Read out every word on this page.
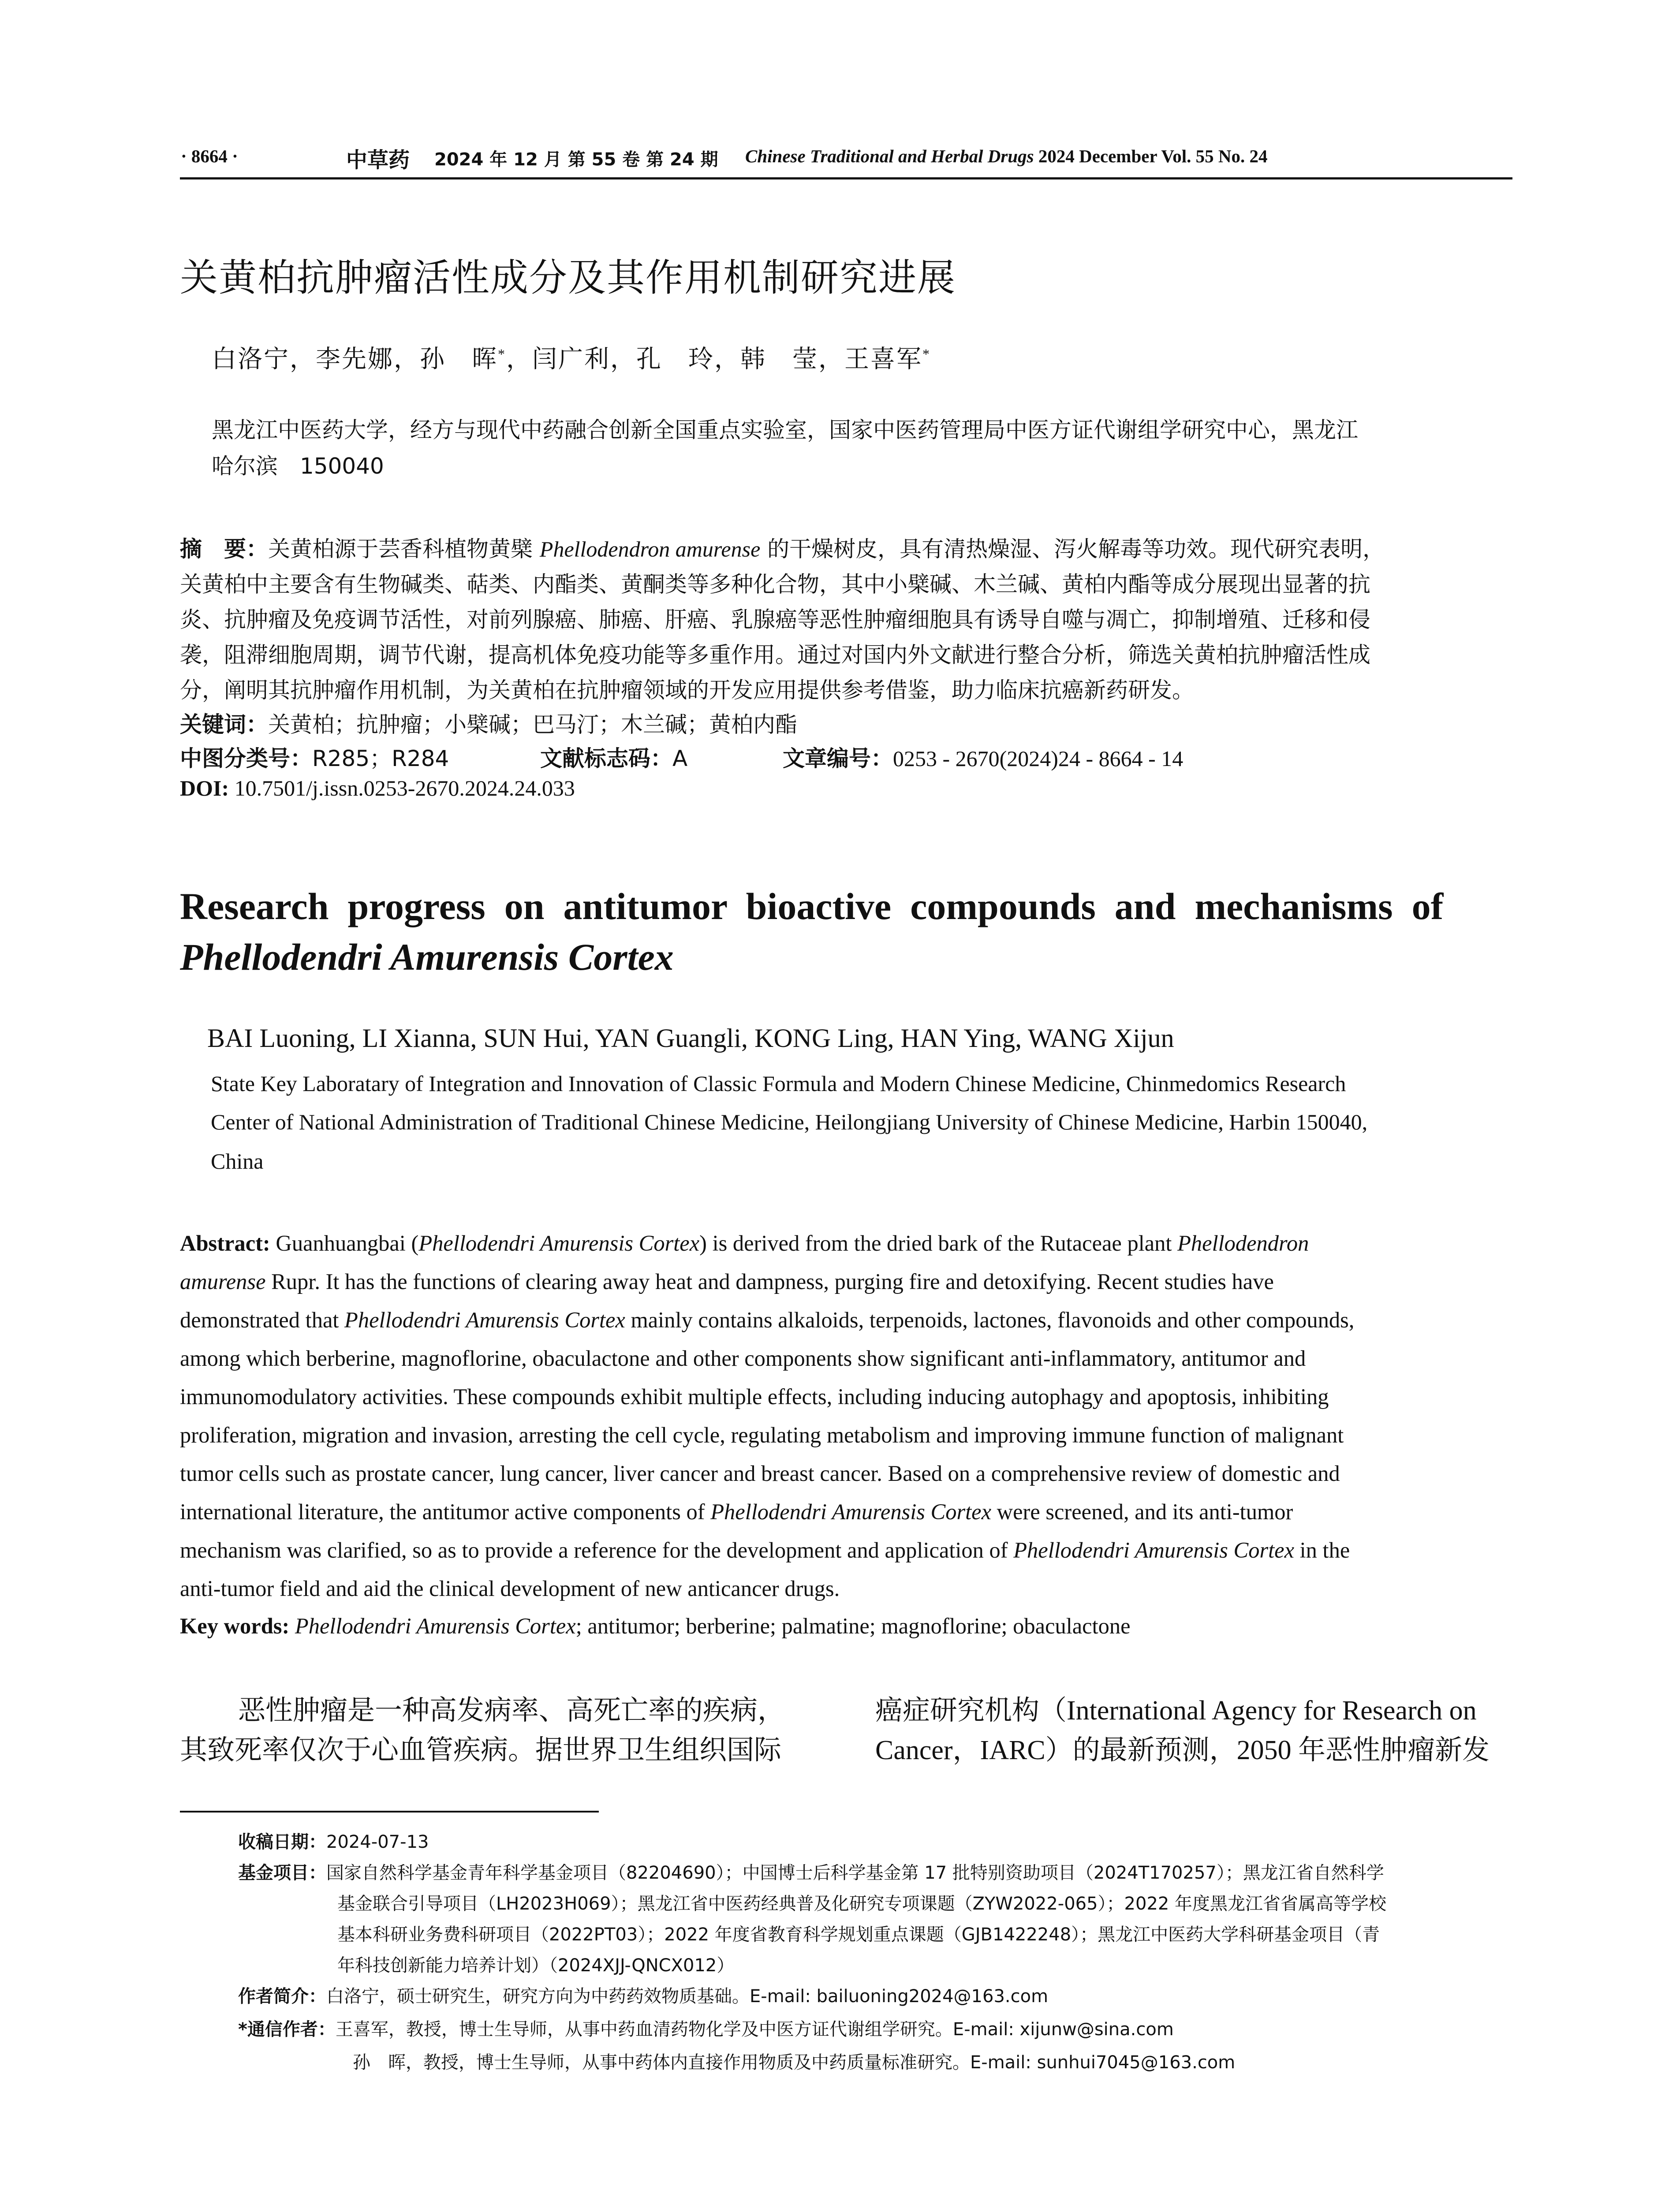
· 8664 ·	中草药 2024 年 12 月 第 55 卷 第 24 期 Chinese Traditional and Herbal Drugs 2024 December Vol. 55 No. 24
关黄柏抗肿瘤活性成分及其作用机制研究进展
白洛宁，李先娜，孙　晖*，闫广利，孔　玲，韩　莹，王喜军*
黑龙江中医药大学，经方与现代中药融合创新全国重点实验室，国家中医药管理局中医方证代谢组学研究中心，黑龙江
哈尔滨　150040
摘　要：关黄柏源于芸香科植物黄檗 Phellodendron amurense 的干燥树皮，具有清热燥湿、泻火解毒等功效。现代研究表明，
关黄柏中主要含有生物碱类、萜类、内酯类、黄酮类等多种化合物，其中小檗碱、木兰碱、黄柏内酯等成分展现出显著的抗
炎、抗肿瘤及免疫调节活性，对前列腺癌、肺癌、肝癌、乳腺癌等恶性肿瘤细胞具有诱导自噬与凋亡，抑制增殖、迁移和侵
袭，阻滞细胞周期，调节代谢，提高机体免疫功能等多重作用。通过对国内外文献进行整合分析，筛选关黄柏抗肿瘤活性成
分，阐明其抗肿瘤作用机制，为关黄柏在抗肿瘤领域的开发应用提供参考借鉴，助力临床抗癌新药研发。
关键词：关黄柏；抗肿瘤；小檗碱；巴马汀；木兰碱；黄柏内酯
中图分类号：R285；R284	文献标志码：A	文章编号：0253 - 2670(2024)24 - 8664 - 14
DOI: 10.7501/j.issn.0253-2670.2024.24.033
Research  progress  on  antitumor  bioactive  compounds  and  mechanisms  of
Phellodendri Amurensis Cortex
BAI Luoning, LI Xianna, SUN Hui, YAN Guangli, KONG Ling, HAN Ying, WANG Xijun
State Key Laboratary of Integration and Innovation of Classic Formula and Modern Chinese Medicine, Chinmedomics Research
Center of National Administration of Traditional Chinese Medicine, Heilongjiang University of Chinese Medicine, Harbin 150040,
China
Abstract: Guanhuangbai (Phellodendri Amurensis Cortex) is derived from the dried bark of the Rutaceae plant Phellodendron
amurense Rupr. It has the functions of clearing away heat and dampness, purging fire and detoxifying. Recent studies have
demonstrated that Phellodendri Amurensis Cortex mainly contains alkaloids, terpenoids, lactones, flavonoids and other compounds,
among which berberine, magnoflorine, obaculactone and other components show significant anti-inflammatory, antitumor and
immunomodulatory activities. These compounds exhibit multiple effects, including inducing autophagy and apoptosis, inhibiting
proliferation, migration and invasion, arresting the cell cycle, regulating metabolism and improving immune function of malignant
tumor cells such as prostate cancer, lung cancer, liver cancer and breast cancer. Based on a comprehensive review of domestic and
international literature, the antitumor active components of Phellodendri Amurensis Cortex were screened, and its anti-tumor
mechanism was clarified, so as to provide a reference for the development and application of Phellodendri Amurensis Cortex in the
anti-tumor field and aid the clinical development of new anticancer drugs.
Key words: Phellodendri Amurensis Cortex; antitumor; berberine; palmatine; magnoflorine; obaculactone
恶性肿瘤是一种高发病率、高死亡率的疾病，
其致死率仅次于心血管疾病。据世界卫生组织国际
癌症研究机构（International Agency for Research on
Cancer，IARC）的最新预测，2050 年恶性肿瘤新发
收稿日期：2024-07-13
基金项目：国家自然科学基金青年科学基金项目（82204690）；中国博士后科学基金第 17 批特别资助项目（2024T170257）；黑龙江省自然科学
基金联合引导项目（LH2023H069）；黑龙江省中医药经典普及化研究专项课题（ZYW2022-065）；2022 年度黑龙江省省属高等学校
基本科研业务费科研项目（2022PT03）；2022 年度省教育科学规划重点课题（GJB1422248）；黑龙江中医药大学科研基金项目（青
年科技创新能力培养计划）（2024XJJ-QNCX012）
作者简介：白洛宁，硕士研究生，研究方向为中药药效物质基础。E-mail: bailuoning2024@163.com
*通信作者：王喜军，教授，博士生导师，从事中药血清药物化学及中医方证代谢组学研究。E-mail: xijunw@sina.com
孙　晖，教授，博士生导师，从事中药体内直接作用物质及中药质量标准研究。E-mail: sunhui7045@163.com
